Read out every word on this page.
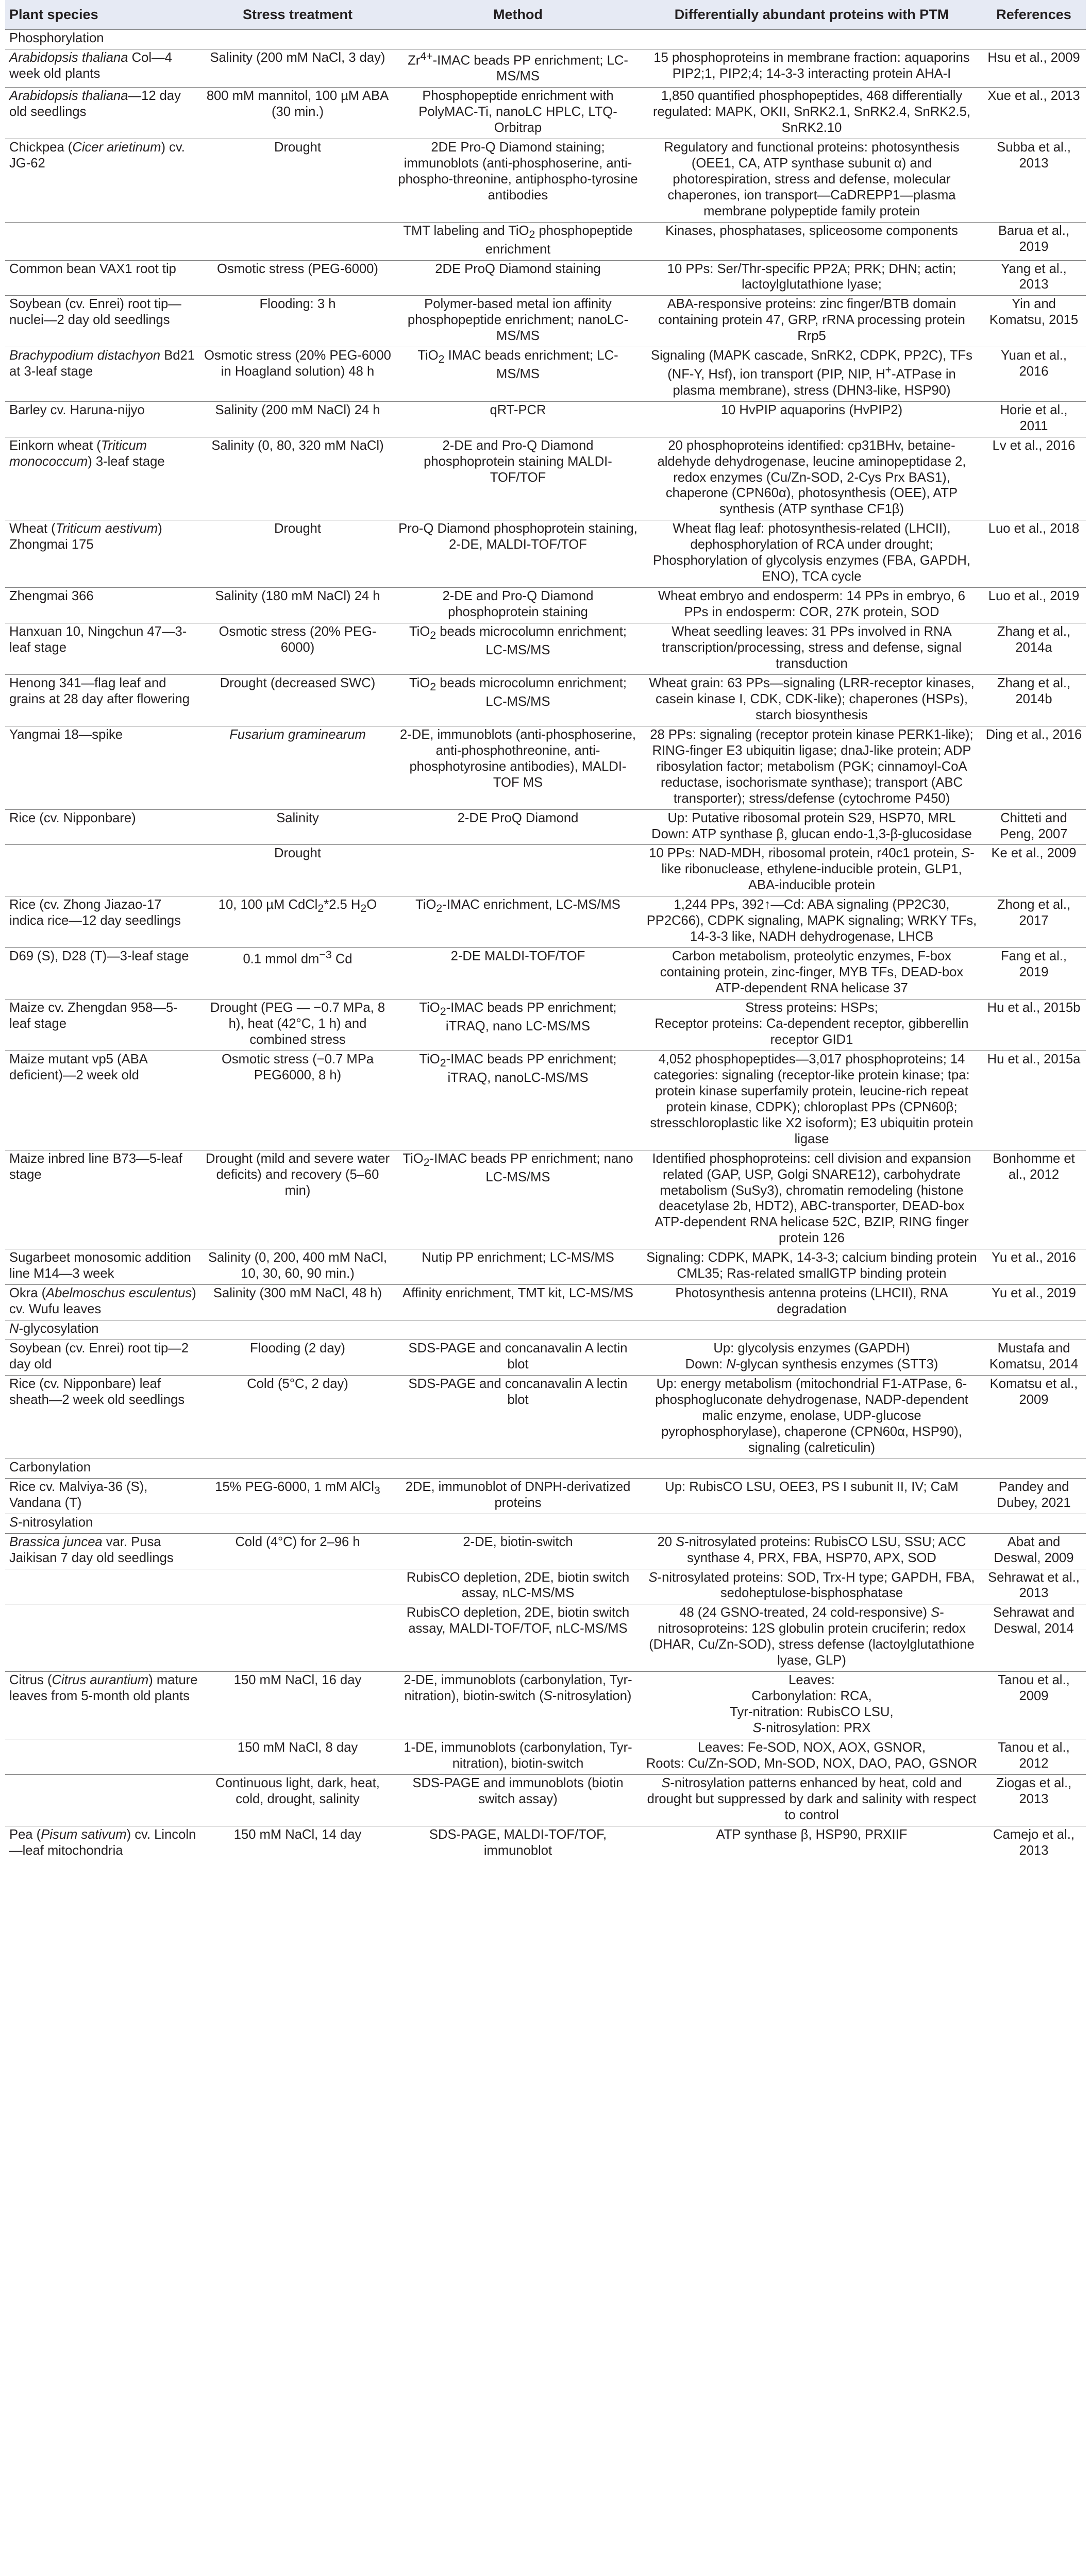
Plant species	Stress treatment	Method	Differentially abundant proteins with PTM	References
Phosphorylation				
Arabidopsis thaliana Col—4 week old plants	Salinity (200 mM NaCl, 3 day)	$Zr^{4+}$-IMAC beads PP enrichment; LC-MS/MS	15 phosphoproteins in membrane fraction: aquaporins PIP2;1, PIP2;4; 14-3-3 interacting protein AHA-I	Hsu et al., 2009
Arabidopsis thaliana—12 day old seedlings	800 mM mannitol, 100 µM ABA (30 min.)	Phosphopeptide enrichment with PolyMAC-Ti, nanoLC HPLC, LTQ-Orbitrap	1,850 quantified phosphopeptides, 468 differentially regulated: MAPK, OKII, SnRK2.1, SnRK2.4, SnRK2.5, SnRK2.10	Xue et al., 2013
Chickpea (Cicer arietinum) cv. JG-62	Drought	2DE Pro-Q Diamond staining; immunoblots (anti-phosphoserine, anti-phospho-threonine, antiphospho-tyrosine antibodies	Regulatory and functional proteins: photosynthesis (OEE1, CA, ATP synthase subunit α) and photorespiration, stress and defense, molecular chaperones, ion transport—CaDREPP1—plasma membrane polypeptide family protein	Subba et al., 2013
		TMT labeling and TiO$_2$ phosphopeptide enrichment	Kinases, phosphatases, spliceosome components	Barua et al., 2019
Common bean VAX1 root tip	Osmotic stress (PEG-6000)	2DE ProQ Diamond staining	10 PPs: Ser/Thr-specific PP2A; PRK; DHN; actin; lactoylglutathione lyase;	Yang et al., 2013
Soybean (cv. Enrei) root tip—nuclei—2 day old seedlings	Flooding: 3 h	Polymer-based metal ion affinity phosphopeptide enrichment; nanoLC-MS/MS	ABA-responsive proteins: zinc finger/BTB domain containing protein 47, GRP, rRNA processing protein Rrp5	Yin and Komatsu, 2015
Brachypodium distachyon Bd21 at 3-leaf stage	Osmotic stress (20% PEG-6000 in Hoagland solution) 48 h	TiO$_2$ IMAC beads enrichment; LC-MS/MS	Signaling (MAPK cascade, SnRK2, CDPK, PP2C), TFs (NF-Y, Hsf), ion transport (PIP, NIP, H+-ATPase in plasma membrane), stress (DHN3-like, HSP90)	Yuan et al., 2016
Barley cv. Haruna-nijyo	Salinity (200 mM NaCl) 24 h	qRT-PCR	10 HvPIP aquaporins (HvPIP2)	Horie et al., 2011
Einkorn wheat (Triticum monococcum) 3-leaf stage	Salinity (0, 80, 320 mM NaCl)	2-DE and Pro-Q Diamond phosphoprotein staining MALDI-TOF/TOF	20 phosphoproteins identified: cp31BHv, betaine-aldehyde dehydrogenase, leucine aminopeptidase 2, redox enzymes (Cu/Zn-SOD, 2-Cys Prx BAS1), chaperone (CPN60α), photosynthesis (OEE), ATP synthesis (ATP synthase CF1β)	Lv et al., 2016
Wheat (Triticum aestivum) Zhongmai 175	Drought	Pro-Q Diamond phosphoprotein staining, 2-DE, MALDI-TOF/TOF	Wheat flag leaf: photosynthesis-related (LHCII), dephosphorylation of RCA under drought; Phosphorylation of glycolysis enzymes (FBA, GAPDH, ENO), TCA cycle	Luo et al., 2018
Zhengmai 366	Salinity (180 mM NaCl) 24 h	2-DE and Pro-Q Diamond phosphoprotein staining	Wheat embryo and endosperm: 14 PPs in embryo, 6 PPs in endosperm: COR, 27K protein, SOD	Luo et al., 2019
Hanxuan 10, Ningchun 47—3-leaf stage	Osmotic stress (20% PEG-6000)	TiO$_2$ beads microcolumn enrichment; LC-MS/MS	Wheat seedling leaves: 31 PPs involved in RNA transcription/processing, stress and defense, signal transduction	Zhang et al., 2014a
Henong 341—flag leaf and grains at 28 day after flowering	Drought (decreased SWC)	TiO$_2$ beads microcolumn enrichment; LC-MS/MS	Wheat grain: 63 PPs—signaling (LRR-receptor kinases, casein kinase I, CDK, CDK-like); chaperones (HSPs), starch biosynthesis	Zhang et al., 2014b
Yangmai 18—spike	Fusarium graminearum	2-DE, immunoblots (anti-phosphoserine, anti-phosphothreonine, anti-phosphotyrosine antibodies), MALDI-TOF MS	28 PPs: signaling (receptor protein kinase PERK1-like); RING-finger E3 ubiquitin ligase; dnaJ-like protein; ADP ribosylation factor; metabolism (PGK; cinnamoyl-CoA reductase, isochorismate synthase); transport (ABC transporter); stress/defense (cytochrome P450)	Ding et al., 2016
Rice (cv. Nipponbare)	Salinity	2-DE ProQ Diamond	Up: Putative ribosomal protein S29, HSP70, MRL
Down: ATP synthase β, glucan endo-1,3-β-glucosidase	Chitteti and Peng, 2007
	Drought		10 PPs: NAD-MDH, ribosomal protein, r40c1 protein, S-like ribonuclease, ethylene-inducible protein, GLP1, ABA-inducible protein	Ke et al., 2009
Rice (cv. Zhong Jiazao-17 indica rice—12 day seedlings	10, 100 µM CdCl$_2$*2.5 $H_2O$	TiO$_2$-IMAC enrichment, LC-MS/MS	1,244 PPs, 392↑—Cd: ABA signaling (PP2C30, PP2C66), CDPK signaling, MAPK signaling; WRKY TFs, 14-3-3 like, NADH dehydrogenase, LHCB	Zhong et al., 2017
D69 (S), D28 (T)—3-leaf stage	0.1 mmol $dm^{-3}$ Cd	2-DE MALDI-TOF/TOF	Carbon metabolism, proteolytic enzymes, F-box containing protein, zinc-finger, MYB TFs, DEAD-box ATP-dependent RNA helicase 37	Fang et al., 2019
Maize cv. Zhengdan 958—5-leaf stage	Drought (PEG — −0.7 MPa, 8 h), heat (42°C, 1 h) and combined stress	TiO$_2$-IMAC beads PP enrichment; iTRAQ, nano LC-MS/MS	Stress proteins: HSPs;
Receptor proteins: Ca-dependent receptor, gibberellin receptor GID1	Hu et al., 2015b
Maize mutant vp5 (ABA deficient)—2 week old	Osmotic stress (−0.7 MPa PEG6000, 8 h)	TiO$_2$-IMAC beads PP enrichment; iTRAQ, nanoLC-MS/MS	4,052 phosphopeptides—3,017 phosphoproteins; 14 categories: signaling (receptor-like protein kinase; tpa: protein kinase superfamily protein, leucine-rich repeat protein kinase, CDPK); chloroplast PPs (CPN60β; stresschloroplastic like X2 isoform); E3 ubiquitin protein ligase	Hu et al., 2015a
Maize inbred line B73—5-leaf stage	Drought (mild and severe water deficits) and recovery (5–60 min)	TiO$_2$-IMAC beads PP enrichment; nano LC-MS/MS	Identified phosphoproteins: cell division and expansion related (GAP, USP, Golgi SNARE12), carbohydrate metabolism (SuSy3), chromatin remodeling (histone deacetylase 2b, HDT2), ABC-transporter, DEAD-box ATP-dependent RNA helicase 52C, BZIP, RING finger protein 126	Bonhomme et al., 2012
Sugarbeet monosomic addition line M14—3 week	Salinity (0, 200, 400 mM NaCl, 10, 30, 60, 90 min.)	Nutip PP enrichment; LC-MS/MS	Signaling: CDPK, MAPK, 14-3-3; calcium binding protein CML35; Ras-related smallGTP binding protein	Yu et al., 2016
Okra (Abelmoschus esculentus) cv. Wufu leaves	Salinity (300 mM NaCl, 48 h)	Affinity enrichment, TMT kit, LC-MS/MS	Photosynthesis antenna proteins (LHCII), RNA degradation	Yu et al., 2019
N-glycosylation				
Soybean (cv. Enrei) root tip—2 day old	Flooding (2 day)	SDS-PAGE and concanavalin A lectin blot	Up: glycolysis enzymes (GAPDH)
Down: N-glycan synthesis enzymes (STT3)	Mustafa and Komatsu, 2014
Rice (cv. Nipponbare) leaf sheath—2 week old seedlings	Cold (5°C, 2 day)	SDS-PAGE and concanavalin A lectin blot	Up: energy metabolism (mitochondrial F1-ATPase, 6-phosphogluconate dehydrogenase, NADP-dependent malic enzyme, enolase, UDP-glucose pyrophosphorylase), chaperone (CPN60α, HSP90), signaling (calreticulin)	Komatsu et al., 2009
Carbonylation				
Rice cv. Malviya-36 (S), Vandana (T)	15% PEG-6000, 1 mM AlCl$_3$	2DE, immunoblot of DNPH-derivatized proteins	Up: RubisCO LSU, OEE3, PS I subunit II, IV; CaM	Pandey and Dubey, 2021
S-nitrosylation				
Brassica juncea var. Pusa Jaikisan 7 day old seedlings	Cold (4°C) for 2–96 h	2-DE, biotin-switch	20 S-nitrosylated proteins: RubisCO LSU, SSU; ACC synthase 4, PRX, FBA, HSP70, APX, SOD	Abat and Deswal, 2009
		RubisCO depletion, 2DE, biotin switch assay, nLC-MS/MS	S-nitrosylated proteins: SOD, Trx-H type; GAPDH, FBA, sedoheptulose-bisphosphatase	Sehrawat et al., 2013
		RubisCO depletion, 2DE, biotin switch assay, MALDI-TOF/TOF, nLC-MS/MS	48 (24 GSNO-treated, 24 cold-responsive) S-nitrosoproteins: 12S globulin protein cruciferin; redox (DHAR, Cu/Zn-SOD), stress defense (lactoylglutathione lyase, GLP)	Sehrawat and Deswal, 2014
Citrus (Citrus aurantium) mature leaves from 5-month old plants	150 mM NaCl, 16 day	2-DE, immunoblots (carbonylation, Tyr-nitration), biotin-switch (S-nitrosylation)	Leaves:
Carbonylation: RCA,
Tyr-nitration: RubisCO LSU,
S-nitrosylation: PRX	Tanou et al., 2009
	150 mM NaCl, 8 day	1-DE, immunoblots (carbonylation, Tyr-nitration), biotin-switch	Leaves: Fe-SOD, NOX, AOX, GSNOR,
Roots: Cu/Zn-SOD, Mn-SOD, NOX, DAO, PAO, GSNOR	Tanou et al., 2012
	Continuous light, dark, heat, cold, drought, salinity	SDS-PAGE and immunoblots (biotin switch assay)	S-nitrosylation patterns enhanced by heat, cold and drought but suppressed by dark and salinity with respect to control	Ziogas et al., 2013
Pea (Pisum sativum) cv. Lincoln—leaf mitochondria	150 mM NaCl, 14 day	SDS-PAGE, MALDI-TOF/TOF, immunoblot	ATP synthase β, HSP90, PRXIIF	Camejo et al., 2013
